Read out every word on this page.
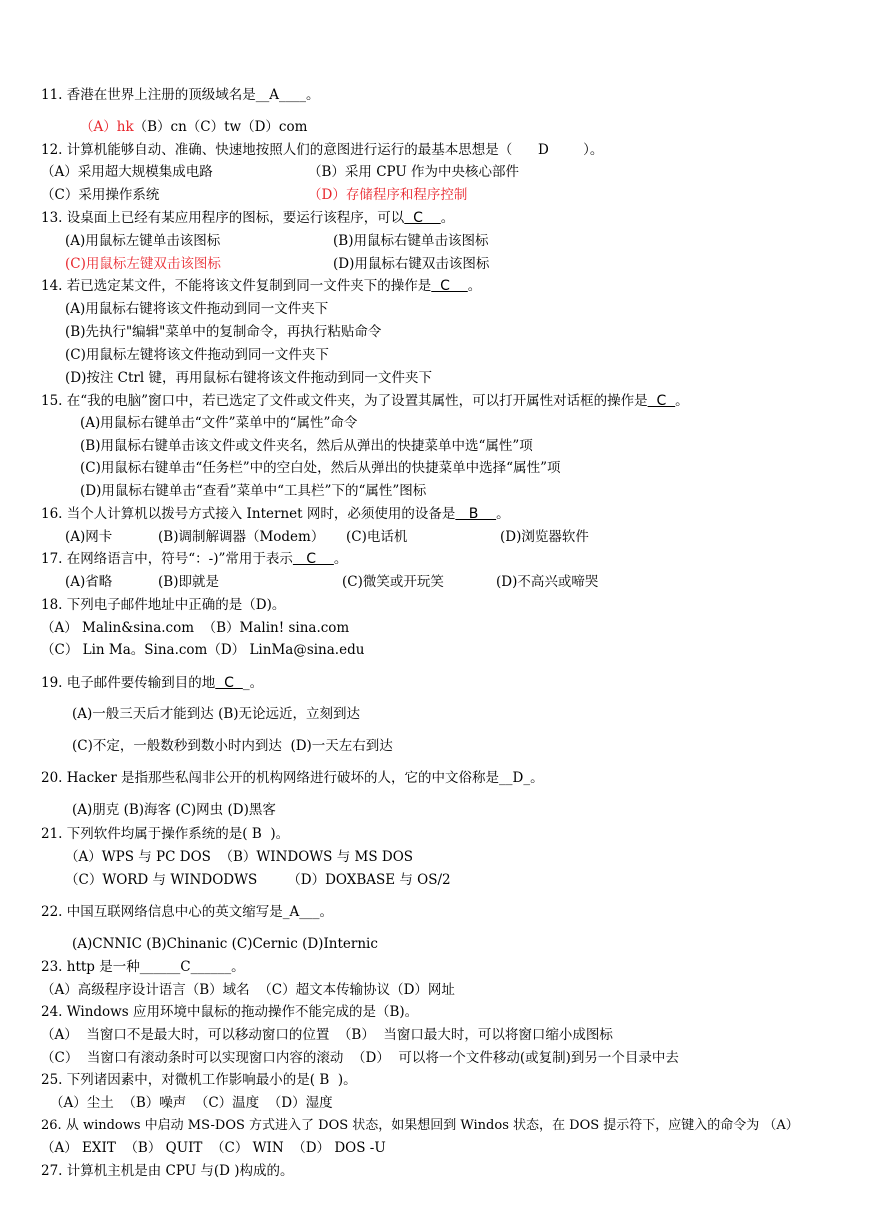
11. 香港在世界上注册的顶级域名是__A____。
（A）hk（B）cn（C）tw（D）com
12. 计算机能够自动、准确、快速地按照人们的意图进行运行的最基本思想是（      D        ）。
（A）采用超大规模集成电路	（B）采用 CPU 作为中央核心部件
（C）采用操作系统	（D）存储程序和程序控制
13. 设桌面上已经有某应用程序的图标，要运行该程序，可以  C    。
(A)用鼠标左键单击该图标	(B)用鼠标右键单击该图标
(C)用鼠标左键双击该图标	(D)用鼠标右键双击该图标
14. 若已选定某文件，不能将该文件复制到同一文件夹下的操作是  C    。
(A)用鼠标右键将该文件拖动到同一文件夹下
(B)先执行"编辑"菜单中的复制命令，再执行粘贴命令
(C)用鼠标左键将该文件拖动到同一文件夹下
(D)按注 Ctrl 键，再用鼠标右键将该文件拖动到同一文件夹下
15. 在“我的电脑”窗口中，若已选定了文件或文件夹，为了设置其属性，可以打开属性对话框的操作是  C  。
(A)用鼠标右键单击“文件”菜单中的“属性”命令
(B)用鼠标右键单击该文件或文件夹名，然后从弹出的快捷菜单中选“属性”项
(C)用鼠标右键单击“任务栏”中的空白处，然后从弹出的快捷菜单中选择“属性”项
(D)用鼠标右键单击“查看”菜单中“工具栏”下的“属性”图标
16. 当个人计算机以拨号方式接入 Internet 网时，必须使用的设备是   B    。
(A)网卡	(B)调制解调器（Modem） (C)电话机	(D)浏览器软件
17. 在网络语言中，符号“：-)”常用于表示   C    。
(A)省略	(B)即就是	(C)微笑或开玩笑	(D)不高兴或啼哭
18. 下列电子邮件地址中正确的是（D)。
（A） Malin&sina.com  （B）Malin! sina.com
（C） Lin Ma。Sina.com（D） LinMa@sina.edu
19. 电子邮件要传输到目的地  C  _。
(A)一般三天后才能到达 (B)无论远近，立刻到达
(C)不定，一般数秒到数小时内到达  (D)一天左右到达
20. Hacker 是指那些私闯非公开的机构网络进行破坏的人，它的中文俗称是__D_。
(A)朋克 (B)海客 (C)网虫 (D)黑客
21. 下列软件均属于操作系统的是( B  )。
（A）WPS 与 PC DOS  （B）WINDOWS 与 MS DOS
（C）WORD 与 WINDODWS       （D）DOXBASE 与 OS/2
22. 中国互联网络信息中心的英文缩写是_A___。
(A)CNNIC (B)Chinanic (C)Cernic (D)Internic
23. http 是一种______C______。
（A）高级程序设计语言（B）域名  （C）超文本传输协议（D）网址
24. Windows 应用环境中鼠标的拖动操作不能完成的是（B)。
（A）  当窗口不是最大时，可以移动窗口的位置  （B）  当窗口最大时，可以将窗口缩小成图标
（C）  当窗口有滚动条时可以实现窗口内容的滚动  （D）  可以将一个文件移动(或复制)到另一个目录中去
25. 下列诸因素中，对微机工作影响最小的是( B  )。
（A）尘土  （B）噪声  （C）温度  （D）湿度
26. 从 windows 中启动 MS-DOS 方式进入了 DOS 状态，如果想回到 Windos 状态，在 DOS 提示符下，应键入的命令为 （A）
（A） EXIT  （B） QUIT  （C） WIN  （D） DOS -U
27. 计算机主机是由 CPU 与(D )构成的。
